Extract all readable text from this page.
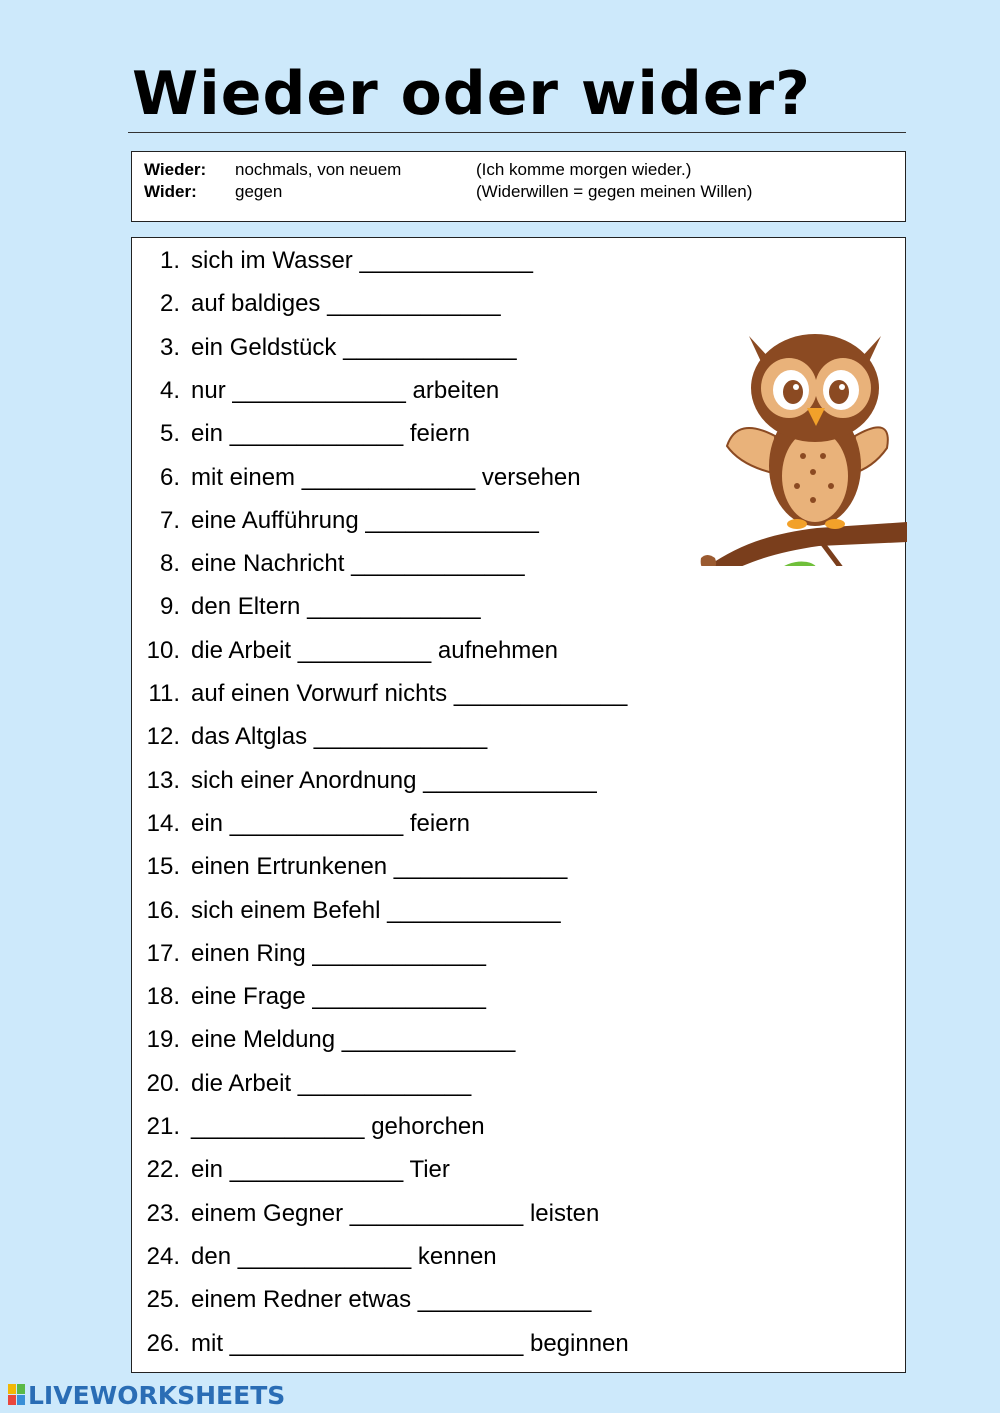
Wieder oder wider?
Wieder: nochmals, von neuem	(Ich komme morgen wieder.)
Wider: gegen	(Widerwillen = gegen meinen Willen)
1. sich im Wasser _____________
2. auf baldiges _____________
3. ein Geldstück _____________
4. nur _____________ arbeiten
5. ein _____________ feiern
6. mit einem _____________ versehen
7. eine Aufführung _____________
8. eine Nachricht _____________
9. den Eltern _____________
10. die Arbeit __________ aufnehmen
11. auf einen Vorwurf nichts _____________
12. das Altglas _____________
13. sich einer Anordnung _____________
14. ein _____________ feiern
15. einen Ertrunkenen _____________
16. sich einem Befehl _____________
17. einen Ring _____________
18. eine Frage _____________
19. eine Meldung _____________
20. die Arbeit _____________
21. _____________ gehorchen
22. ein _____________ Tier
23. einem Gegner _____________ leisten
24. den _____________ kennen
25. einem Redner etwas _____________
26. mit ______________________ beginnen
LIVEWORKSHEETS
